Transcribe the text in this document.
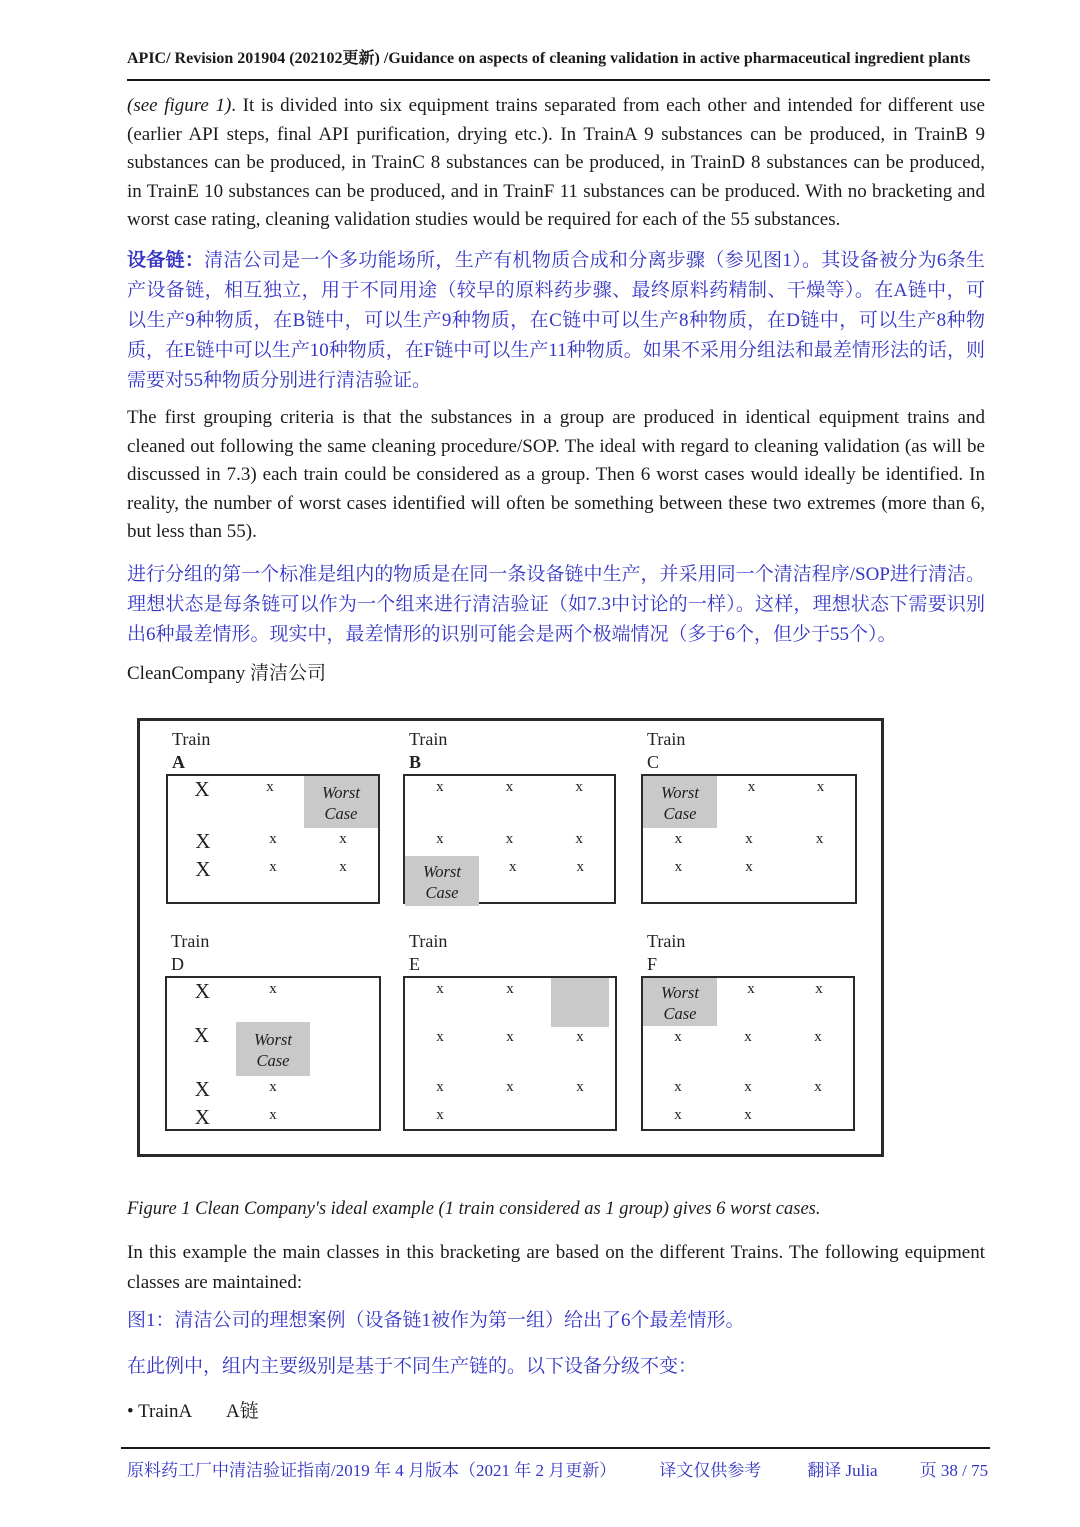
APIC/ Revision 201904 (202102更新) /Guidance on aspects of cleaning validation in active pharmaceutical ingredient plants
(see figure 1). It is divided into six equipment trains separated from each other and intended for different use (earlier API steps, final API purification, drying etc.). In TrainA 9 substances can be produced, in TrainB 9 substances can be produced, in TrainC 8 substances can be produced, in TrainD 8 substances can be produced, in TrainE 10 substances can be produced, and in TrainF 11 substances can be produced. With no bracketing and worst case rating, cleaning validation studies would be required for each of the 55 substances.
设备链：清洁公司是一个多功能场所，生产有机物质合成和分离步骤（参见图1）。其设备被分为6条生产设备链，相互独立，用于不同用途（较早的原料药步骤、最终原料药精制、干燥等）。在A链中，可以生产9种物质，在B链中，可以生产9种物质，在C链中可以生产8种物质，在D链中，可以生产8种物质，在E链中可以生产10种物质，在F链中可以生产11种物质。如果不采用分组法和最差情形法的话，则需要对55种物质分别进行清洁验证。
The first grouping criteria is that the substances in a group are produced in identical equipment trains and cleaned out following the same cleaning procedure/SOP. The ideal with regard to cleaning validation (as will be discussed in 7.3) each train could be considered as a group. Then 6 worst cases would ideally be identified. In reality, the number of worst cases identified will often be something between these two extremes (more than 6, but less than 55).
进行分组的第一个标准是组内的物质是在同一条设备链中生产，并采用同一个清洁程序/SOP进行清洁。理想状态是每条链可以作为一个组来进行清洁验证（如7.3中讨论的一样）。这样，理想状态下需要识别出6种最差情形。现实中，最差情形的识别可能会是两个极端情况（多于6个，但少于55个）。
CleanCompany 清洁公司
Train
A
X	x	Worst
Case
X	x	x
X	x	x
Train
B
x	x	x
x	x	x
Worst
Case
x	x
Train
C
Worst
Case
x	x
x	x	x
x	x
Train
D
X	x
X	Worst
Case
X	x
X	x
Train
E
x	x
x	x	x
x	x	x
x
Train
F
Worst
Case
x	x
x	x	x
x	x	x
x	x
Figure 1 Clean Company's ideal example (1 train considered as 1 group) gives 6 worst cases.
In this example the main classes in this bracketing are based on the different Trains. The following equipment classes are maintained:
图1：清洁公司的理想案例（设备链1被作为第一组）给出了6个最差情形。
在此例中，组内主要级别是基于不同生产链的。以下设备分级不变：
• TrainA A链
原料药工厂中清洁验证指南/2019 年 4 月版本（2021 年 2 月更新）	译文仅供参考	翻译 Julia 页 38 / 75
